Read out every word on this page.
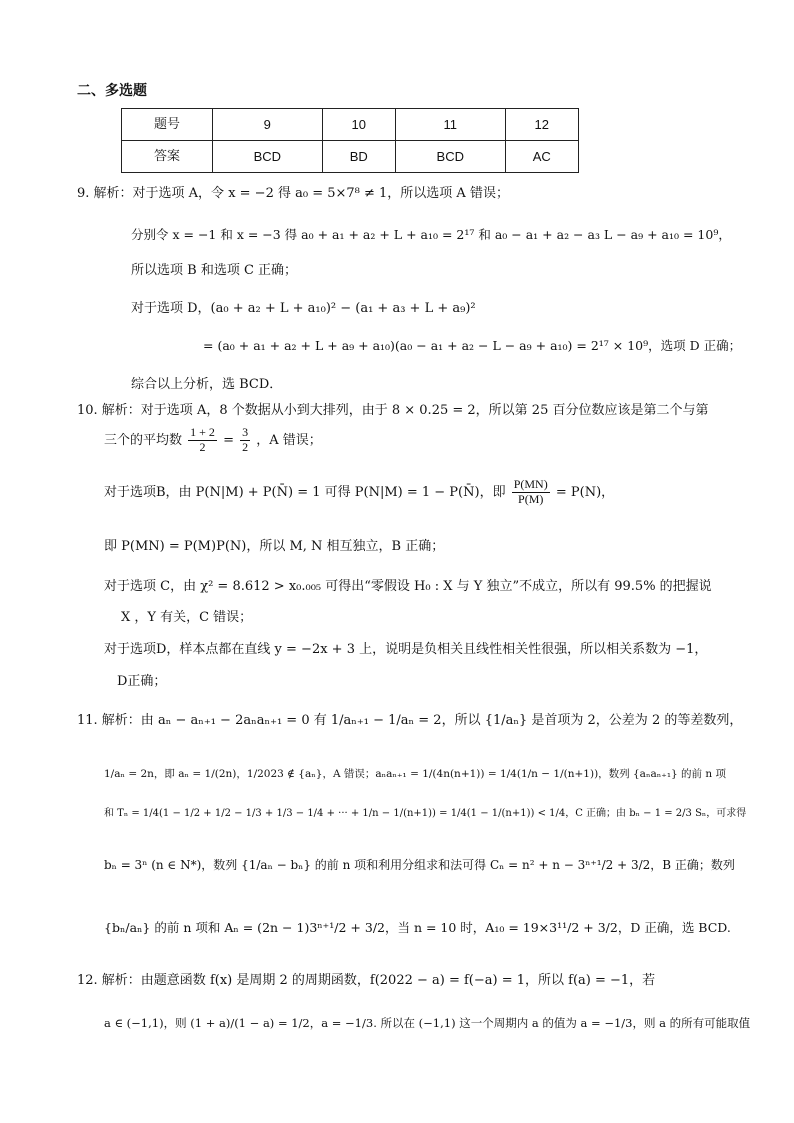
二、多选题
题号	9	10	11	12
答案	BCD	BD	BCD	AC
9. 解析：对于选项 A，令 x = −2 得 a₀ = 5×7⁸ ≠ 1，所以选项 A 错误；
分别令 x = −1 和 x = −3 得 a₀ + a₁ + a₂ + L + a₁₀ = 2¹⁷ 和 a₀ − a₁ + a₂ − a₃ L − a₉ + a₁₀ = 10⁹，
所以选项 B 和选项 C 正确；
对于选项 D，(a₀ + a₂ + L + a₁₀)² − (a₁ + a₃ + L + a₉)²
= (a₀ + a₁ + a₂ + L + a₉ + a₁₀)(a₀ − a₁ + a₂ − L − a₉ + a₁₀) = 2¹⁷ × 10⁹，选项 D 正确；
综合以上分析，选 BCD．
10. 解析：对于选项 A，8 个数据从小到大排列，由于 8 × 0.25 = 2，所以第 25 百分位数应该是第二个与第
三个的平均数 $\frac{1 + 2}{2} = \frac{3}{2}$ ，A 错误；
对于选项B，由 P(N|M) + P(N̄) = 1 可得 P(N|M) = 1 − P(N̄)，即 $\frac{P(MN)}{P(M)} = P(N)$，
即 P(MN) = P(M)P(N)，所以 M, N 相互独立，B 正确；
对于选项 C，由 χ² = 8.612 > x₀.₀₀₅ 可得出“零假设 H₀ : X 与 Y 独立”不成立，所以有 99.5% 的把握说
X ，Y 有关，C 错误；
对于选项D，样本点都在直线 y = −2x + 3 上，说明是负相关且线性相关性很强，所以相关系数为 −1，
D正确；
11. 解析：由 aₙ − aₙ₊₁ − 2aₙaₙ₊₁ = 0 有 1/aₙ₊₁ − 1/aₙ = 2，所以 {1/aₙ} 是首项为 2，公差为 2 的等差数列，
1/aₙ = 2n，即 aₙ = 1/(2n)，1/2023 ∉ {aₙ}，A 错误；aₙaₙ₊₁ = 1/(4n(n+1)) = 1/4(1/n − 1/(n+1))，数列 {aₙaₙ₊₁} 的前 n 项
和 Tₙ = 1/4(1 − 1/2 + 1/2 − 1/3 + 1/3 − 1/4 + ··· + 1/n − 1/(n+1)) = 1/4(1 − 1/(n+1)) < 1/4，C 正确；由 bₙ − 1 = 2/3 Sₙ，可求得
bₙ = 3ⁿ (n ∈ N*)，数列 {1/aₙ − bₙ} 的前 n 项和利用分组求和法可得 Cₙ = n² + n − 3ⁿ⁺¹/2 + 3/2，B 正确；数列
{bₙ/aₙ} 的前 n 项和 Aₙ = (2n − 1)3ⁿ⁺¹/2 + 3/2，当 n = 10 时，A₁₀ = 19×3¹¹/2 + 3/2，D 正确，选 BCD.
12. 解析：由题意函数 f(x) 是周期 2 的周期函数，f(2022 − a) = f(−a) = 1，所以 f(a) = −1，若
a ∈ (−1,1)，则 (1 + a)/(1 − a) = 1/2，a = −1/3. 所以在 (−1,1) 这一个周期内 a 的值为 a = −1/3，则 a 的所有可能取值
